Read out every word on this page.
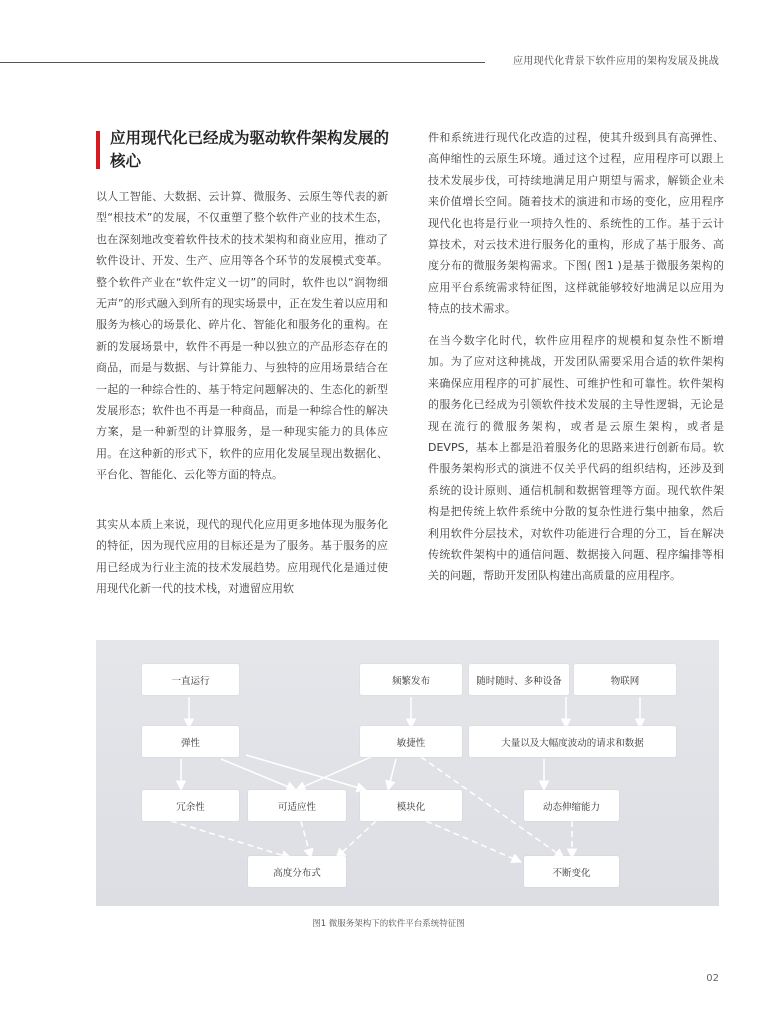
应用现代化背景下软件应用的架构发展及挑战
应用现代化已经成为驱动软件架构发展的核心

以人工智能、大数据、云计算、微服务、云原生等代表的新型“根技术”的发展，不仅重塑了整个软件产业的技术生态，也在深刻地改变着软件技术的技术架构和商业应用，推动了软件设计、开发、生产、应用等各个环节的发展模式变革。整个软件产业在“软件定义一切”的同时，软件也以“润物细无声”的形式融入到所有的现实场景中，正在发生着以应用和服务为核心的场景化、碎片化、智能化和服务化的重构。在新的发展场景中，软件不再是一种以独立的产品形态存在的商品，而是与数据、与计算能力、与独特的应用场景结合在一起的一种综合性的、基于特定问题解决的、生态化的新型发展形态；软件也不再是一种商品，而是一种综合性的解决方案，是一种新型的计算服务，是一种现实能力的具体应用。在这种新的形式下，软件的应用化发展呈现出数据化、平台化、智能化、云化等方面的特点。

其实从本质上来说，现代的现代化应用更多地体现为服务化的特征，因为现代应用的目标还是为了服务。基于服务的应用已经成为行业主流的技术发展趋势。应用现代化是通过使用现代化新一代的技术栈，对遗留应用软

件和系统进行现代化改造的过程，使其升级到具有高弹性、高伸缩性的云原生环境。通过这个过程，应用程序可以跟上技术发展步伐，可持续地满足用户期望与需求，解锁企业未来价值增长空间。随着技术的演进和市场的变化，应用程序现代化也将是行业一项持久性的、系统性的工作。基于云计算技术，对云技术进行服务化的重构，形成了基于服务、高度分布的微服务架构需求。下图( 图1 )是基于微服务架构的应用平台系统需求特征图，这样就能够较好地满足以应用为特点的技术需求。

在当今数字化时代，软件应用程序的规模和复杂性不断增加。为了应对这种挑战，开发团队需要采用合适的软件架构来确保应用程序的可扩展性、可维护性和可靠性。软件架构的服务化已经成为引领软件技术发展的主导性逻辑，无论是现在流行的微服务架构，或者是云原生架构，或者是 DEVPS，基本上都是沿着服务化的思路来进行创新布局。软件服务架构形式的演进不仅关乎代码的组织结构，还涉及到系统的设计原则、通信机制和数据管理等方面。现代软件架构是把传统上软件系统中分散的复杂性进行集中抽象，然后利用软件分层技术，对软件功能进行合理的分工，旨在解决传统软件架构中的通信问题、数据接入问题、程序编排等相关的问题，帮助开发团队构建出高质量的应用程序。

一直运行	频繁发布	随时随时、多种设备	物联网
弹性	敏捷性	大量以及大幅度波动的请求和数据
冗余性	可适应性	模块化	动态伸缩能力
高度分布式	不断变化

图1 微服务架构下的软件平台系统特征图

02
